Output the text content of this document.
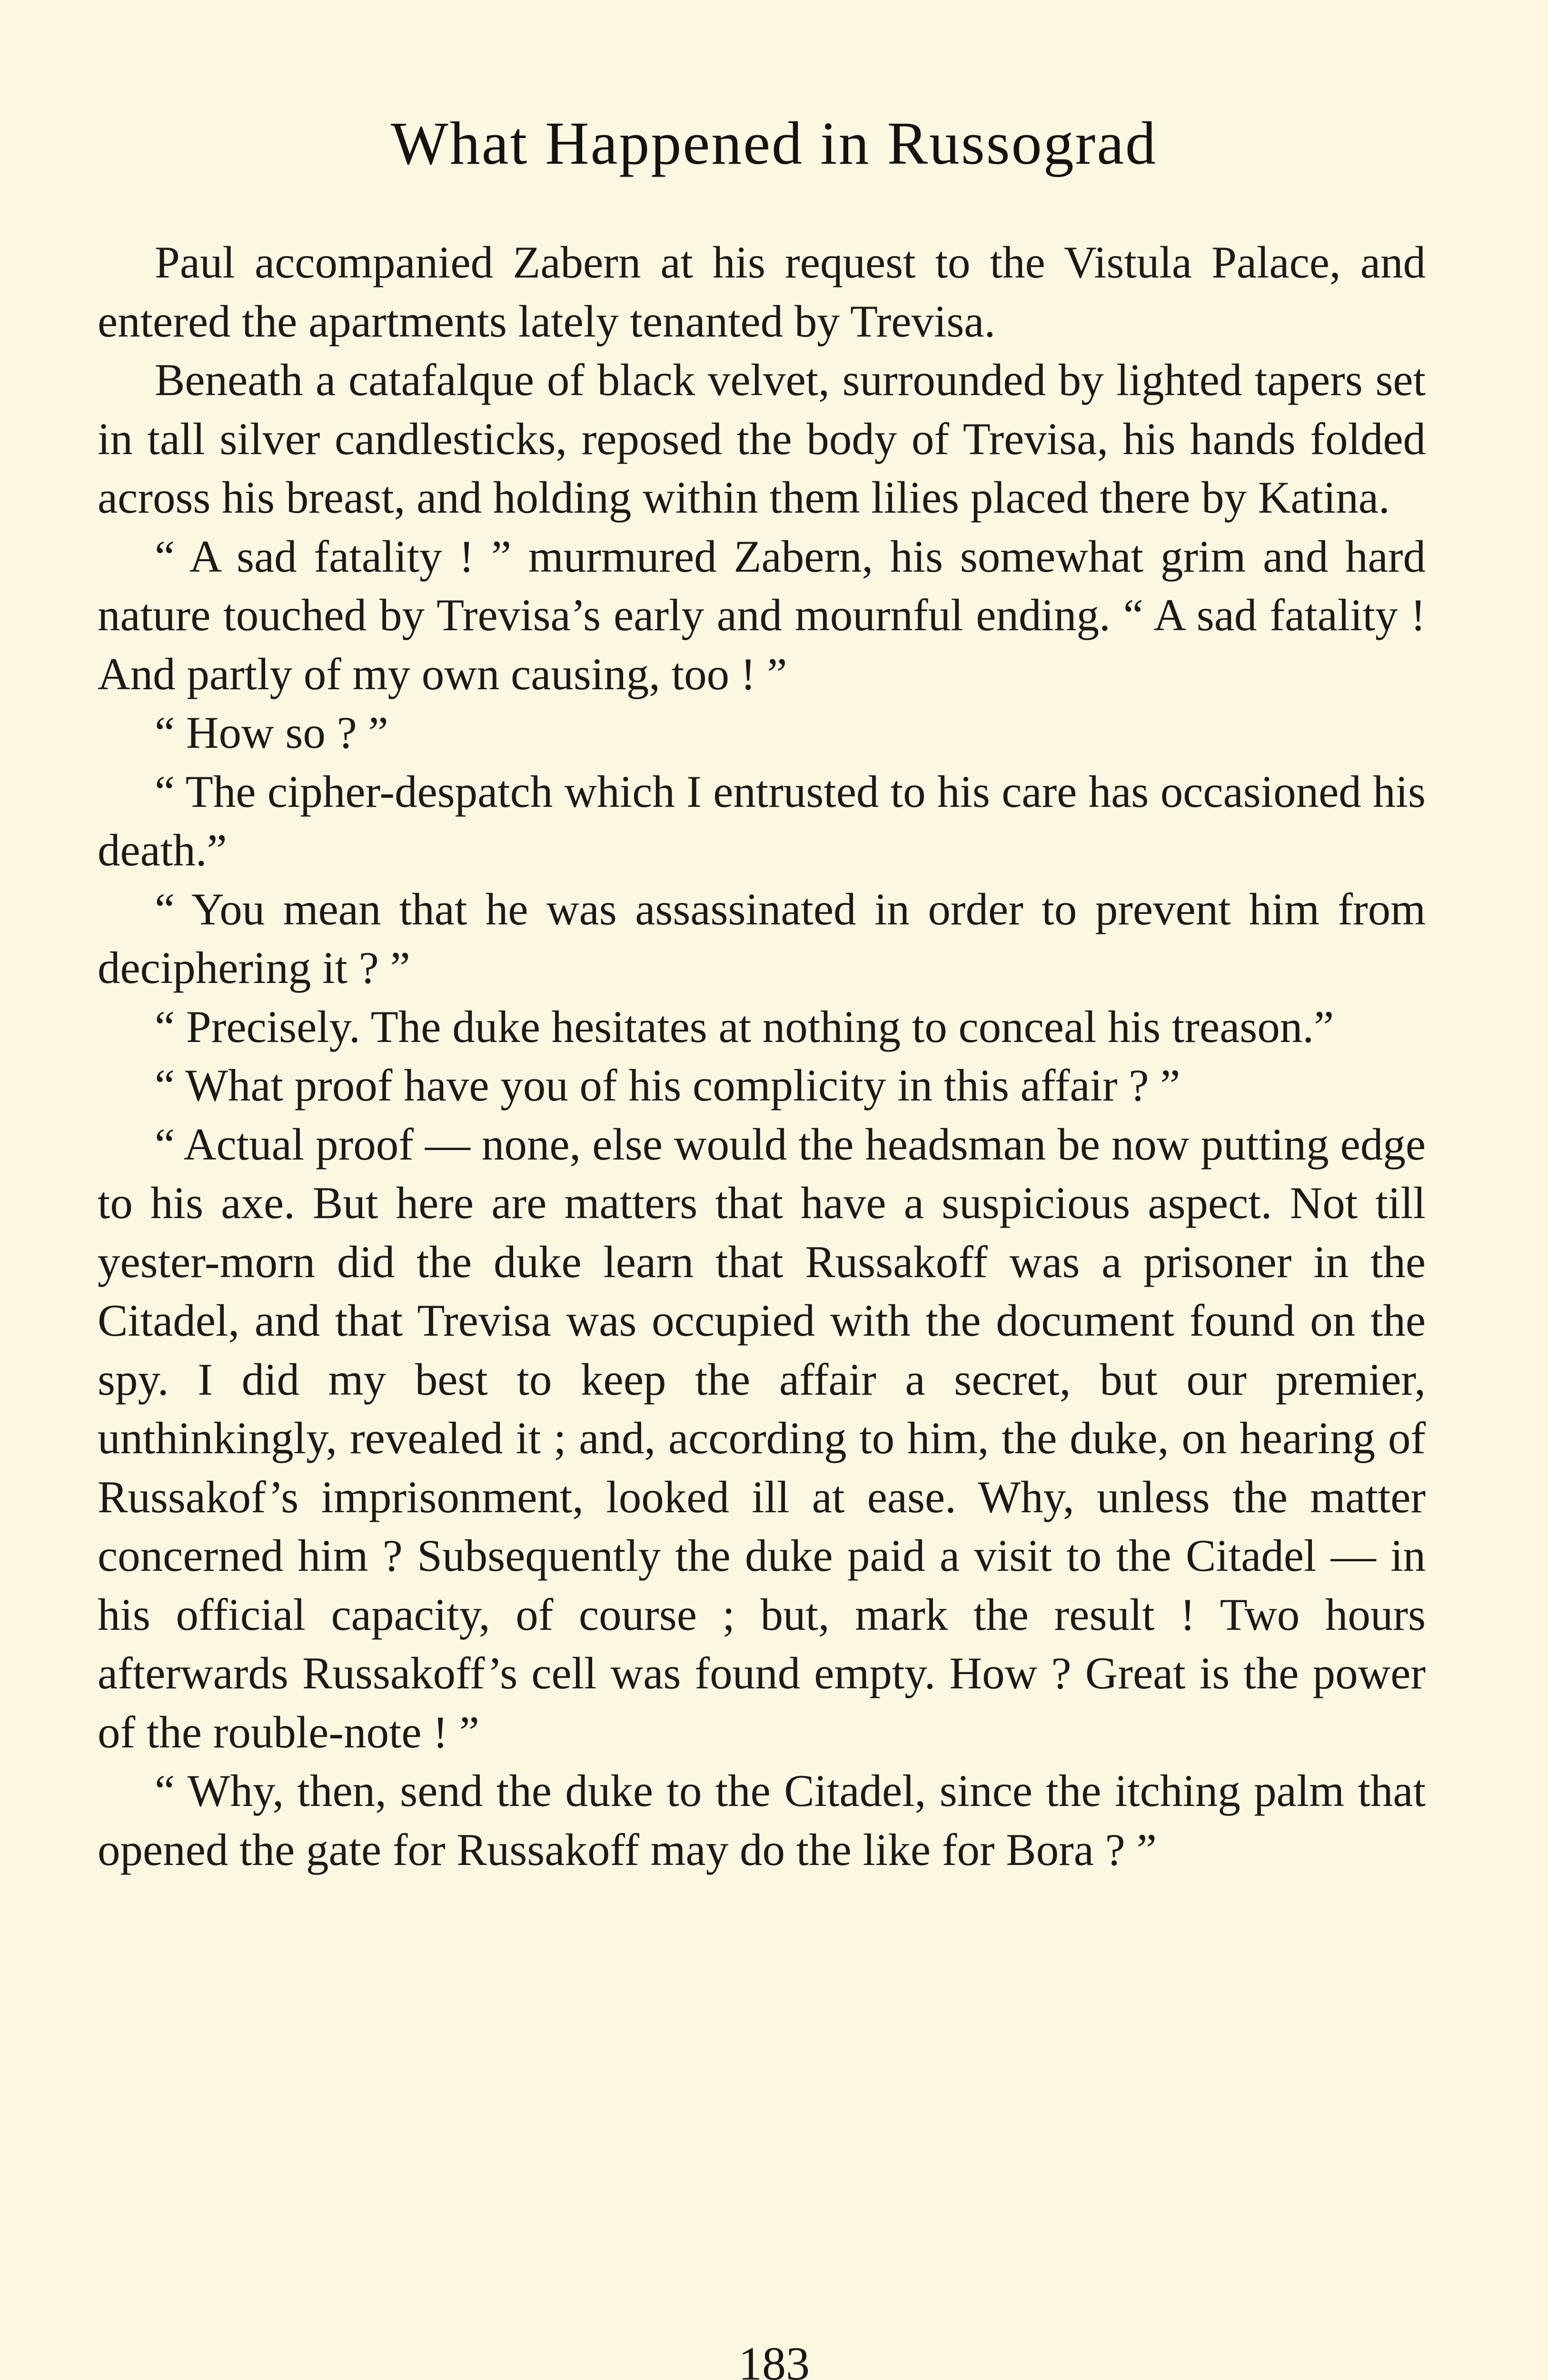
What Happened in Russograd

Paul accompanied Zabern at his request to the Vistula Palace, and entered the apartments lately tenanted by Trevisa.

Beneath a catafalque of black velvet, surrounded by lighted tapers set in tall silver candlesticks, reposed the body of Trevisa, his hands folded across his breast, and holding within them lilies placed there by Katina.

“ A sad fatality ! ” murmured Zabern, his somewhat grim and hard nature touched by Trevisa’s early and mournful ending. “ A sad fatality ! And partly of my own causing, too ! ”

“ How so ? ”

“ The cipher-despatch which I entrusted to his care has occasioned his death.”

“ You mean that he was assassinated in order to prevent him from deciphering it ? ”

“ Precisely. The duke hesitates at nothing to conceal his treason.”

“ What proof have you of his complicity in this affair ? ”

“ Actual proof — none, else would the headsman be now putting edge to his axe. But here are matters that have a suspicious aspect. Not till yester-morn did the duke learn that Russakoff was a prisoner in the Citadel, and that Trevisa was occupied with the document found on the spy. I did my best to keep the affair a secret, but our premier, unthinkingly, revealed it ; and, according to him, the duke, on hearing of Russakof’s imprisonment, looked ill at ease. Why, unless the matter concerned him ? Subsequently the duke paid a visit to the Citadel — in his official capacity, of course ; but, mark the result ! Two hours afterwards Russakoff’s cell was found empty. How ? Great is the power of the rouble-note ! ”

“ Why, then, send the duke to the Citadel, since the itching palm that opened the gate for Russakoff may do the like for Bora ? ”

183
